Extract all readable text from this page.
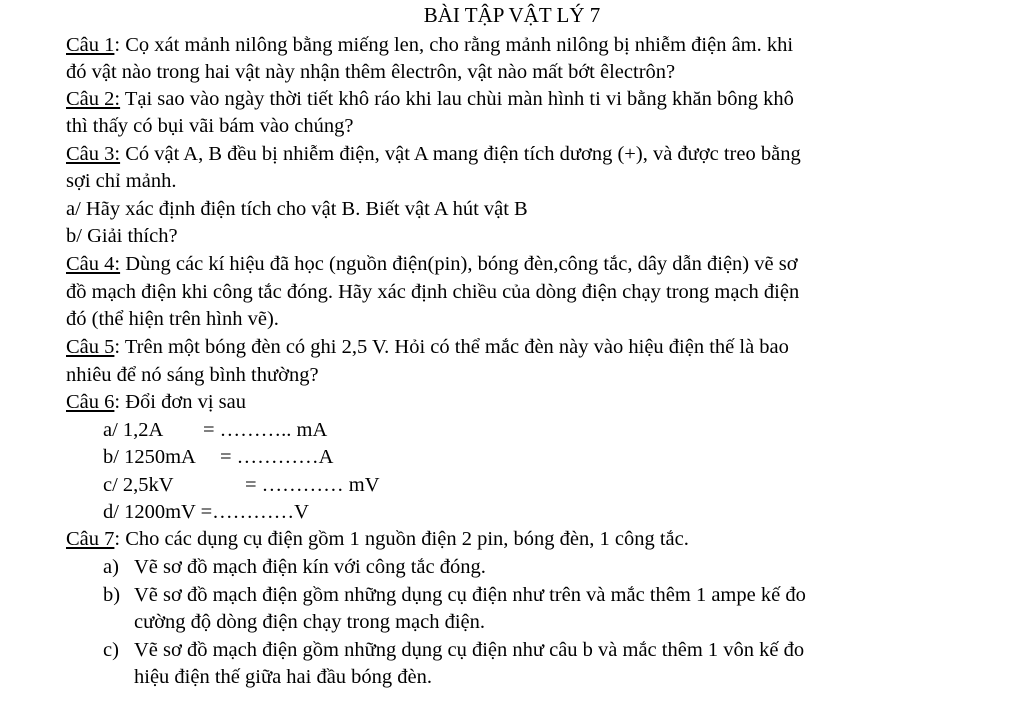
BÀI TẬP VẬT LÝ 7
Câu 1: Cọ xát mảnh nilông bằng miếng len, cho rằng mảnh nilông bị nhiễm điện âm. khi
đó vật nào trong hai vật này nhận thêm êlectrôn, vật nào mất bớt êlectrôn?
Câu 2: Tại sao vào ngày thời tiết khô ráo khi lau chùi màn hình ti vi bằng khăn bông khô
thì thấy có bụi vãi bám vào chúng?
Câu 3: Có vật A, B đều bị nhiễm điện, vật A mang điện tích dương (+), và được treo bằng
sợi chỉ mảnh.
a/ Hãy xác định điện tích cho vật B. Biết vật A hút vật B
b/ Giải thích?
Câu 4: Dùng các kí hiệu đã học (nguồn điện(pin), bóng đèn,công tắc, dây dẫn điện) vẽ sơ
đồ mạch điện khi công tắc đóng. Hãy xác định chiều của dòng điện chạy trong mạch điện
đó (thể hiện trên hình vẽ).
Câu 5: Trên một bóng đèn có ghi 2,5 V. Hỏi có thể mắc đèn này vào hiệu điện thế là bao
nhiêu để nó sáng bình thường?
Câu 6: Đổi đơn vị sau
a/ 1,2A = ……….. mA
b/ 1250mA = …………A
c/ 2,5kV	= ………… mV
d/ 1200mV =…………V
Câu 7: Cho các dụng cụ điện gồm 1 nguồn điện 2 pin, bóng đèn, 1 công tắc.
a) Vẽ sơ đồ mạch điện kín với công tắc đóng.
b) Vẽ sơ đồ mạch điện gồm những dụng cụ điện như trên và mắc thêm 1 ampe kế đo
cường độ dòng điện chạy trong mạch điện.
c) Vẽ sơ đồ mạch điện gồm những dụng cụ điện như câu b và mắc thêm 1 vôn kế đo
hiệu điện thế giữa hai đầu bóng đèn.
